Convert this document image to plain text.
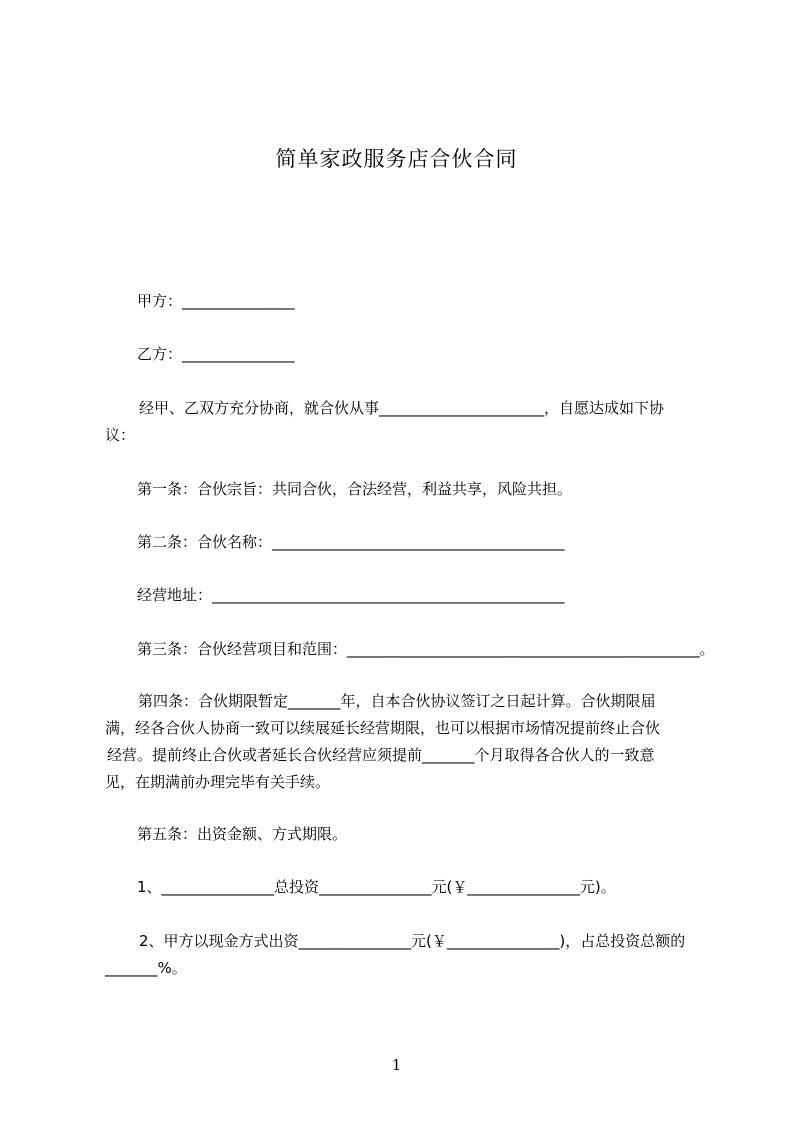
简单家政服务店合伙合同
甲方：_______________
乙方：_______________
经甲、乙双方充分协商，就合伙从事______________________，自愿达成如下协
议：
第一条：合伙宗旨：共同合伙，合法经营，利益共享，风险共担。
第二条：合伙名称：_______________________________________
经营地址：_______________________________________________
第三条：合伙经营项目和范围：_______________________________________________。
第四条：合伙期限暂定_______年，自本合伙协议签订之日起计算。合伙期限届
满，经各合伙人协商一致可以续展延长经营期限，也可以根据市场情况提前终止合伙
经营。提前终止合伙或者延长合伙经营应须提前_______个月取得各合伙人的一致意
见，在期满前办理完毕有关手续。
第五条：出资金额、方式期限。
1、_______________总投资_______________元(￥_______________元)。
2、甲方以现金方式出资_______________元(￥_______________)，占总投资总额的
_______%。
1
